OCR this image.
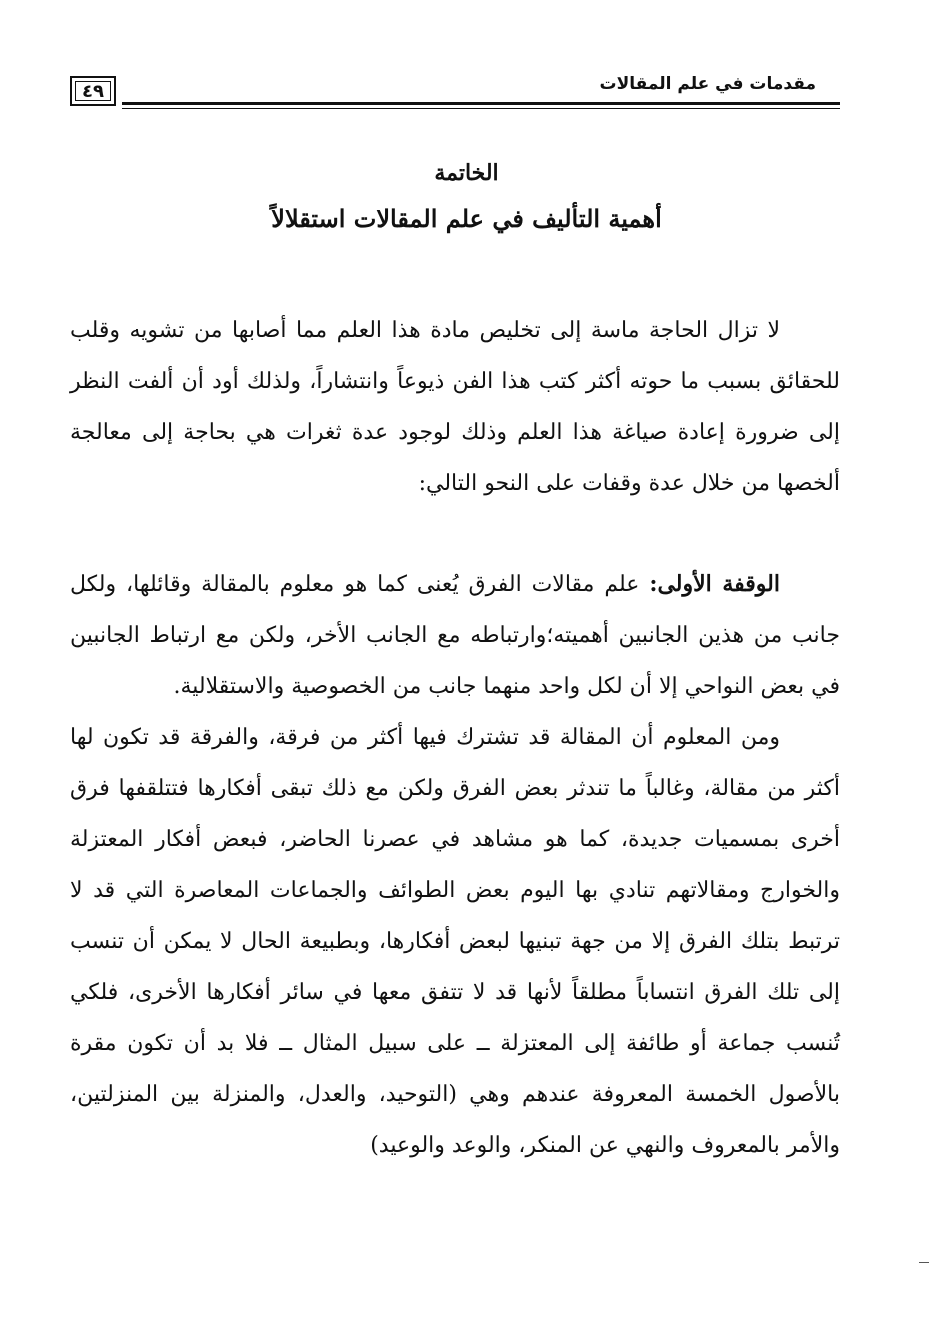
مقدمات في علم المقالات
٤٩
الخاتمة
أهمية التأليف في علم المقالات استقلالاً

لا تزال الحاجة ماسة إلى تخليص مادة هذا العلم مما أصابها من تشويه وقلب للحقائق بسبب ما حوته أكثر كتب هذا الفن ذيوعاً وانتشاراً، ولذلك أود أن ألفت النظر إلى ضرورة إعادة صياغة هذا العلم وذلك لوجود عدة ثغرات هي بحاجة إلى معالجة ألخصها من خلال عدة وقفات على النحو التالي:

الوقفة الأولى: علم مقالات الفرق يُعنى كما هو معلوم بالمقالة وقائلها، ولكل جانب من هذين الجانبين أهميته؛وارتباطه مع الجانب الأخر، ولكن مع ارتباط الجانبين في بعض النواحي إلا أن لكل واحد منهما جانب من الخصوصية والاستقلالية.

ومن المعلوم أن المقالة قد تشترك فيها أكثر من فرقة، والفرقة قد تكون لها أكثر من مقالة، وغالباً ما تندثر بعض الفرق ولكن مع ذلك تبقى أفكارها فتتلقفها فرق أخرى بمسميات جديدة، كما هو مشاهد في عصرنا الحاضر، فبعض أفكار المعتزلة والخوارج ومقالاتهم تنادي بها اليوم بعض الطوائف والجماعات المعاصرة التي قد لا ترتبط بتلك الفرق إلا من جهة تبنيها لبعض أفكارها، وبطبيعة الحال لا يمكن أن تنسب إلى تلك الفرق انتساباً مطلقاً لأنها قد لا تتفق معها في سائر أفكارها الأخرى، فلكي تُنسب جماعة أو طائفة إلى المعتزلة ــ على سبيل المثال ــ فلا بد أن تكون مقرة بالأصول الخمسة المعروفة عندهم وهي (التوحيد، والعدل، والمنزلة بين المنزلتين، والأمر بالمعروف والنهي عن المنكر، والوعد والوعيد)
